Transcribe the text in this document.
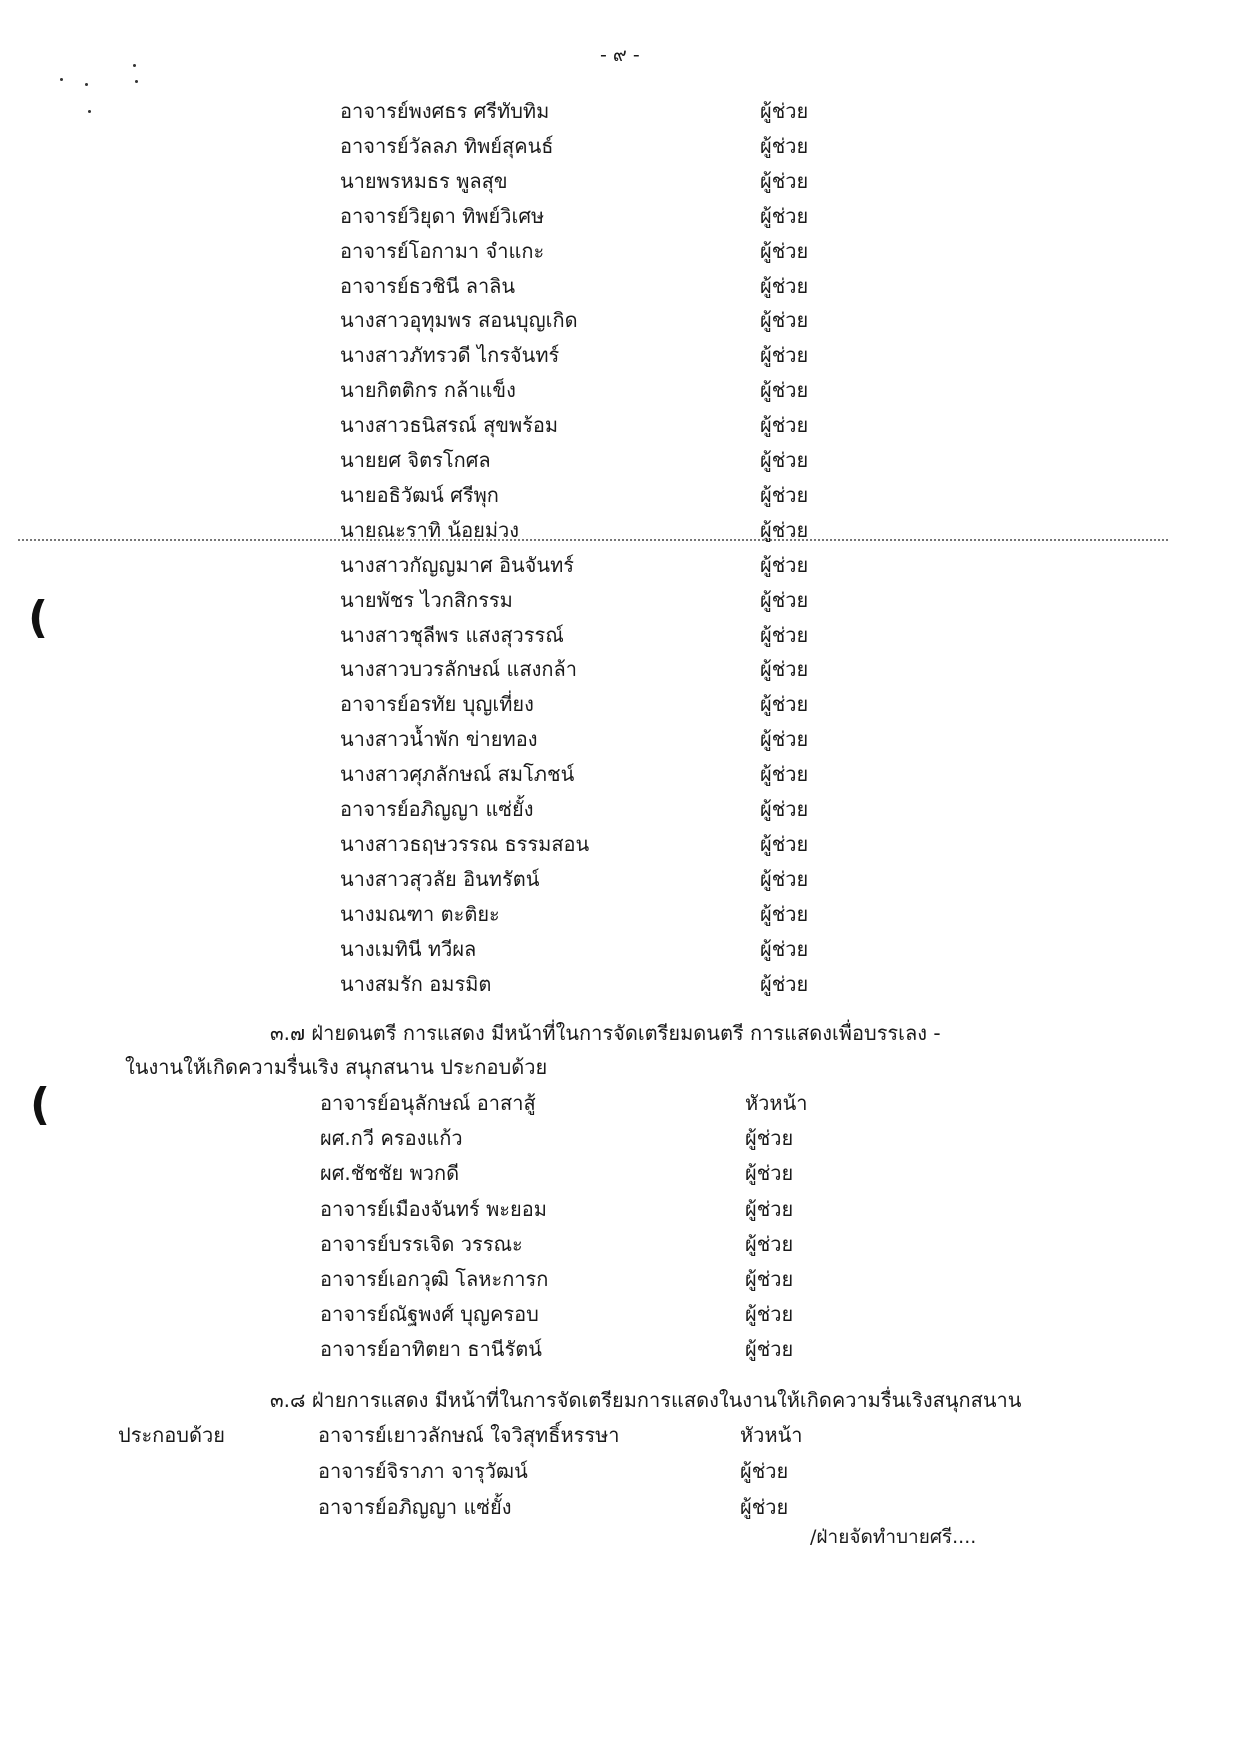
- ๙ -
(
(
อาจารย์พงศธร ศรีทับทิม	ผู้ช่วย
อาจารย์วัลลภ ทิพย์สุคนธ์	ผู้ช่วย
นายพรหมธร พูลสุข	ผู้ช่วย
อาจารย์วิยุดา ทิพย์วิเศษ	ผู้ช่วย
อาจารย์โอกามา จำแกะ	ผู้ช่วย
อาจารย์ธวชินี ลาลิน	ผู้ช่วย
นางสาวอุทุมพร สอนบุญเกิด	ผู้ช่วย
นางสาวภัทรวดี ไกรจันทร์	ผู้ช่วย
นายกิตติกร กล้าแข็ง	ผู้ช่วย
นางสาวธนิสรณ์ สุขพร้อม	ผู้ช่วย
นายยศ จิตรโกศล	ผู้ช่วย
นายอธิวัฒน์ ศรีพุก	ผู้ช่วย
นายณะราทิ น้อยม่วง	ผู้ช่วย
นางสาวกัญญมาศ อินจันทร์	ผู้ช่วย
นายพัชร ไวกสิกรรม	ผู้ช่วย
นางสาวชุลีพร แสงสุวรรณ์	ผู้ช่วย
นางสาวบวรลักษณ์ แสงกล้า	ผู้ช่วย
อาจารย์อรทัย บุญเที่ยง	ผู้ช่วย
นางสาวน้ำพัก ข่ายทอง	ผู้ช่วย
นางสาวศุภลักษณ์ สมโภชน์	ผู้ช่วย
อาจารย์อภิญญา แซ่ยั้ง	ผู้ช่วย
นางสาวธฤษวรรณ ธรรมสอน	ผู้ช่วย
นางสาวสุวลัย อินทรัตน์	ผู้ช่วย
นางมณฑา ตะติยะ	ผู้ช่วย
นางเมทินี ทวีผล	ผู้ช่วย
นางสมรัก อมรมิต	ผู้ช่วย
๓.๗ ฝ่ายดนตรี การแสดง มีหน้าที่ในการจัดเตรียมดนตรี การแสดงเพื่อบรรเลง -
ในงานให้เกิดความรื่นเริง สนุกสนาน ประกอบด้วย
อาจารย์อนุลักษณ์ อาสาสู้	หัวหน้า
ผศ.กวี ครองแก้ว	ผู้ช่วย
ผศ.ชัชชัย พวกดี	ผู้ช่วย
อาจารย์เมืองจันทร์ พะยอม	ผู้ช่วย
อาจารย์บรรเจิด วรรณะ	ผู้ช่วย
อาจารย์เอกวุฒิ โลหะการก	ผู้ช่วย
อาจารย์ณัฐพงศ์ บุญครอบ	ผู้ช่วย
อาจารย์อาทิตยา ธานีรัตน์	ผู้ช่วย
๓.๘ ฝ่ายการแสดง มีหน้าที่ในการจัดเตรียมการแสดงในงานให้เกิดความรื่นเริงสนุกสนาน
ประกอบด้วย	อาจารย์เยาวลักษณ์ ใจวิสุทธิ์หรรษา	หัวหน้า
อาจารย์จิราภา จารุวัฒน์	ผู้ช่วย
อาจารย์อภิญญา แซ่ยั้ง	ผู้ช่วย
/ฝ่ายจัดทำบายศรี....
